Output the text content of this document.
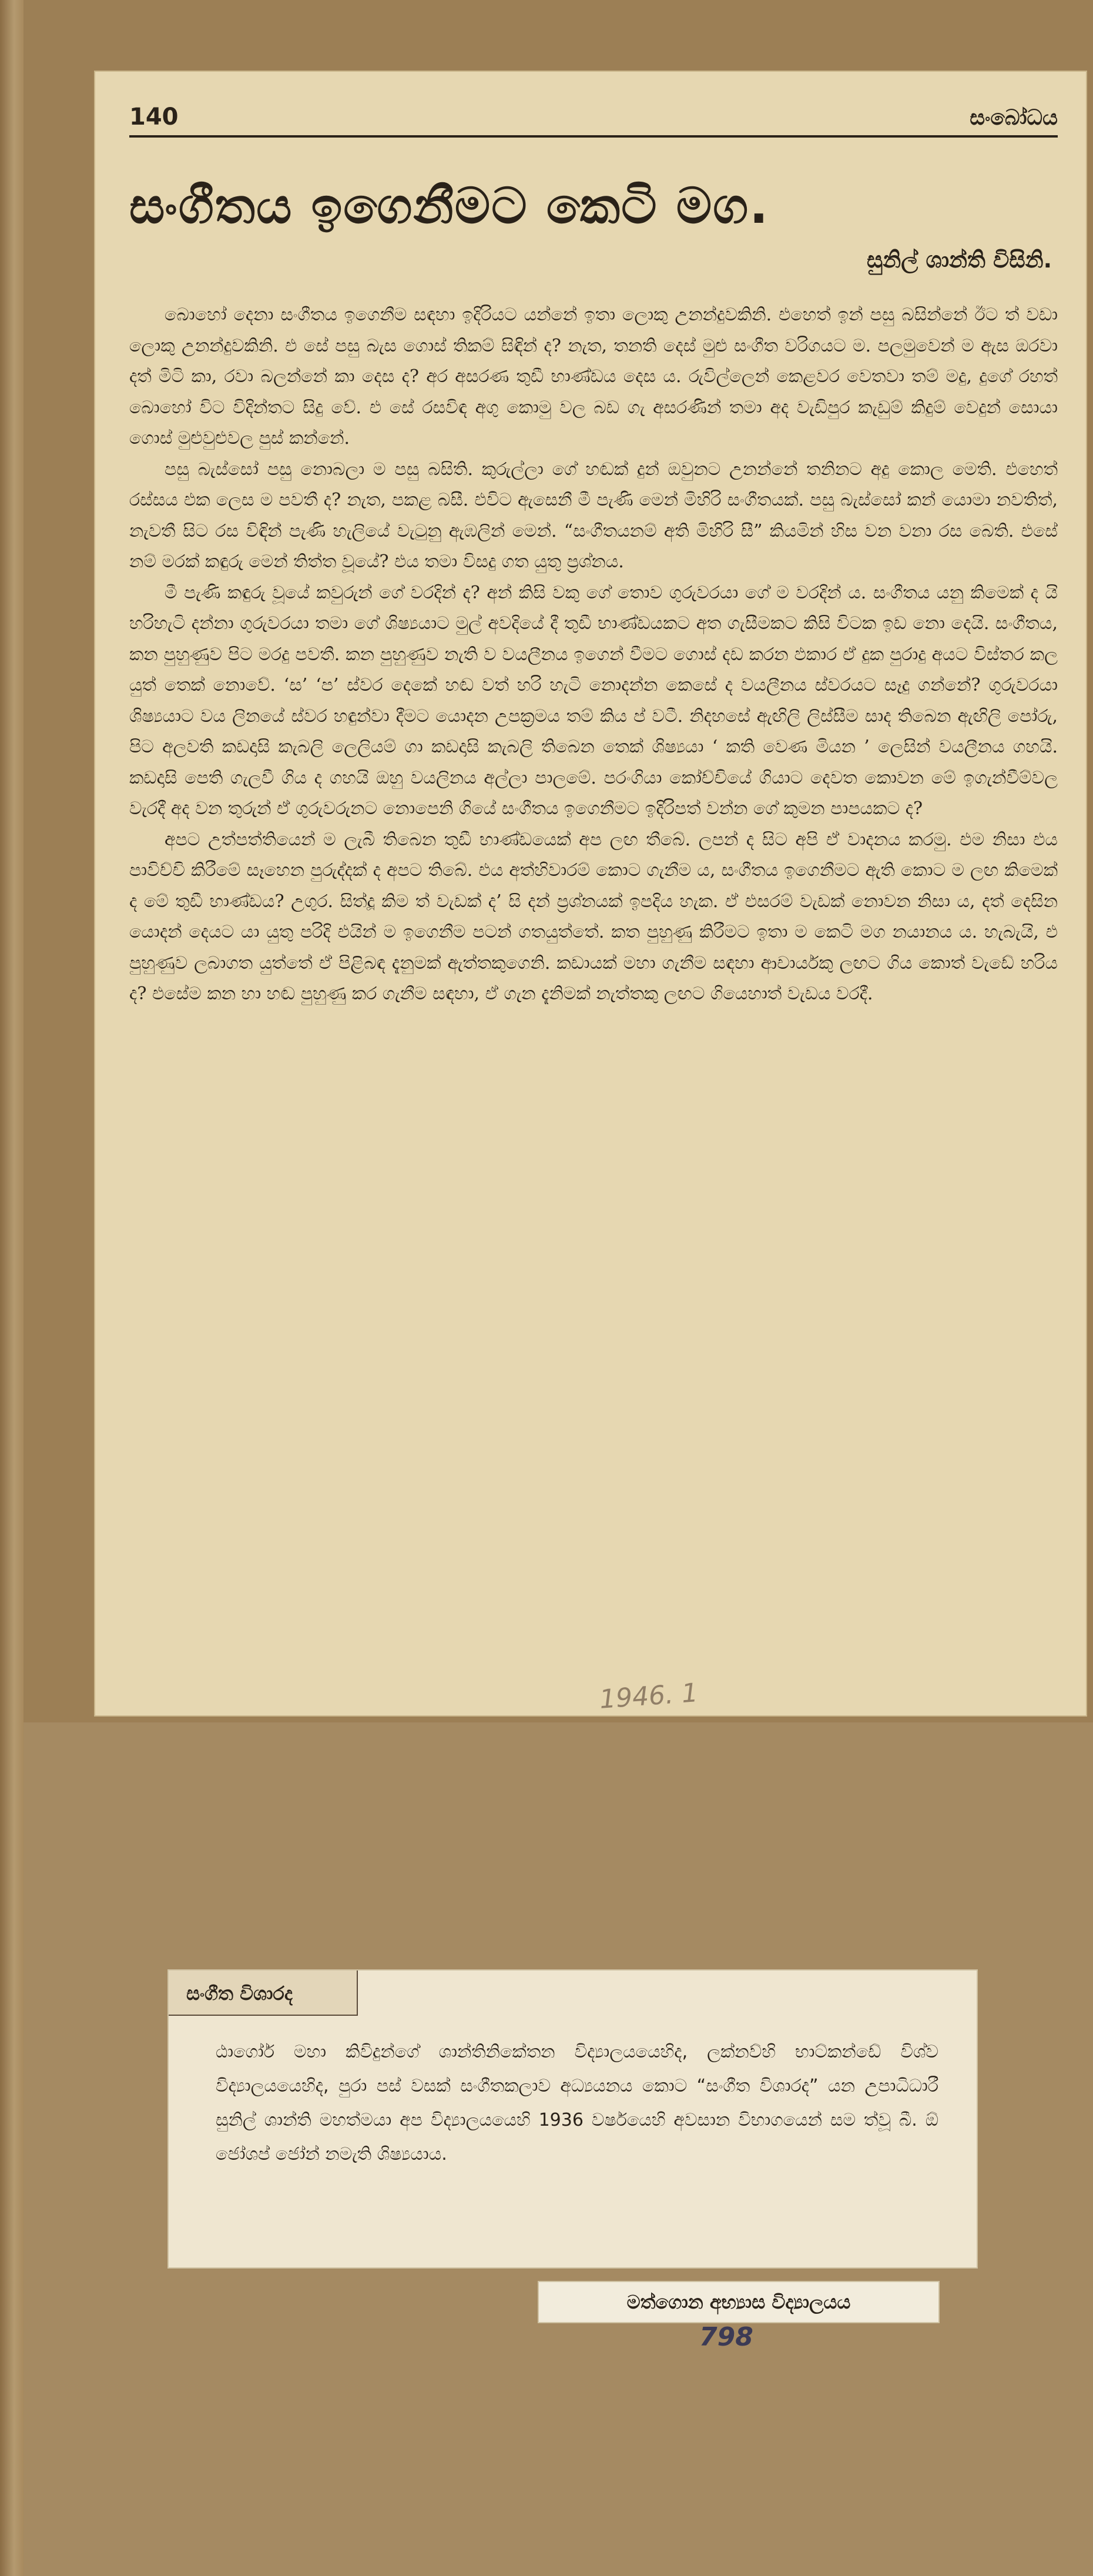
140	සංබෝධය
සංගීතය ඉගෙනීමට කෙටි මග.
සුනිල් ශාන්ති විසිනි.

බොහෝ දෙනා සංගීතය ඉගෙනීම සඳහා ඉදිරියට යන්නේ ඉතා ලොකු උනන්දුවකිනි. එහෙත් ඉන් පසු බසින්නේ ඊට ත් වඩා ලොකු උනන්දුවකිනි. එ සේ පසු බැස ගොස් තිකම් සිඳින් ද? නැත, තනති දෙස් මුළු සංගීත වරිගයට ම. පලමුවෙන් ම ඇස ඔරවා දත් මිටි කා, රවා බලන්නේ කා දෙස ද? අර අසරණ තුඩී භාණ්ඩය දෙස ය. රුවිල්ලෙන් කෙළවර වෙතවා තම් මදු, දුගේ රහත් බොහෝ විට විදින්තට සිදු වේ. එ සේ රසවිඳ අගු කොමු වල බඩ ගැ අසරණින් තමා අද වැඩිපුර කැඩුම් කිදුම් වෙදුන් සොයා ගොස් මුළුවුළුවල පුස් කන්නේ.

පසු බැස්සෝ පසු නොබලා ම පසු බසිති. කුරුල්ලා ගේ හඬක් දුන් ඔවුනට උනන්නේ තනිනට අදු කොල මෙති. එහෙත් රස්සය එක ලෙස ම පවතී ද? නැත, පකළ බසී. එවිට ඇසෙනී මී පැණි මෙන් මිහිරි සංගීතයක්. පසු බැස්සෝ කන් යොමා නවතිත්, නැවතී සිට රස විඳින් පැණි හැලියේ වැටුනු ඇඹලින් මෙන්. “සංගීතයනම් අති මිහිරි සී” කියමින් හිස වන වනා රස බෙති. එසේ නම් මරක් කඳුරු මෙන් තිත්ත වූයේ? එය තමා විසදු ගත යුතු ප්‍රශ්නය.

මී පැණි කඳුරු වූයේ කවුරුන් ගේ වරදින් ද? අන් කිසි වකු ගේ තොව ගුරුවරයා ගේ ම වරදින් ය. සංගීතය යනු කිමෙක් ද යි හරිහැටි දන්නා ගුරුවරයා තමා ගේ ශිෂ්‍යයාට මුල් අවදියේ දී තුඩී භාණ්ඩයකට අත ගැසීමකට කිසි විටක ඉඩ නො දෙයි. සංගීතය, කන පුහුණුව පිට මරදු පවතී. කන පුහුණුව නැති ව වයලීනය ඉගෙන් වීමට ගොස් දඩ කරන ඵකාර ඒ දුක පුරාදු අයට විස්තර කල යුත් තෙක් නොවේ. ‘ස’ ‘ප’ ස්වර දෙකේ හඬ වත් හරි හැටි නොදන්න කෙසේ ද වයලීනය ස්වරයට සෑදු ගන්නේ? ගුරුවරයා ශිෂ්‍යයාට වය ලිනයේ ස්වර හඳුන්වා දීමට යොදන උපක්‍රමය තම් කිය ප් වටී. නිදහසේ ඇඟිලි ලිස්සීම සාද තිබෙන ඇඟිලි පෝරු, පිට අලවති කඩදාසි කැබලි ලෙලියම් ගා කඩදාසි කැබලි තිබෙන තෙක් ශිෂ්‍යයා ‘ කති වෙණ මියන ’ ලෙසින් වයලීනය ගහයි. කඩදාසි පෙති ගැලවී ගිය ද ගහයි ඔහු වයලිනය අල්ලා පාලමේ. පරංගියා කෝච්චියේ ගියාට දෙවත කොවන මේ ඉගැන්වීම්වල වැරදී අද වන තුරුන් ඒ ගුරුවරුනට නොපෙනි ගියේ සංගීතය ඉගෙනීමට ඉදිරිපත් වන්න ගේ කුමන පාපයකට ද?

අපට උත්පත්තියෙන් ම ලැබී තිබෙන තුඩී භාණ්ඩයෙක් අප ලඟ තීබේ. ලපන් ද සිට අපි ඒ වාදනය කරමු. එම නිසා එය පාවිච්චි කිරීමේ සෑහෙන පුරුද්දක් ද අපට තිබේ. එය අත්හිවාරම් කොට ගැනීම ය, සංගීතය ඉගෙනීමට ඇති කොට ම ලඟ කිමෙක් ද මේ තුඩී භාණ්ඩය? උගුර. සිත්දූ කිම ත් වැඩක් ද’ සි දන් ප්‍රශ්නයක් ඉපදිය හැක. ඒ එසරම් වැඩක් නොවන නිසා ය, දත් දෙසින යොදන් දෙයට යා යුතු පරිදි එයින් ම ඉගෙනීම පටන් ගතයුත්තේ. කත පුහුණු කිරීමට ඉතා ම කෙටි මග නයානය ය. හැබැයි, එ පුහුණුව ලබාගත යුත්තේ ඒ පිළිබඳ දැනුමක් ඇත්තකුගෙනි. කඩායක් මහා ගැනීම සඳහා ආචාර්යකු ලඟට ගිය කොත් වැඩේ හරිය ද? එසේම කන හා හඬ පුහුණු කර ගැනීම සඳහා, ඒ ගැන දැනිමක් නැත්තකු ලඟට ගියෙහාත් වැඩය වරදී.

1946. 1
සංගීත විශාරද
ඨාගෝර් මහා කිවිදුන්ගේ ශාන්තිනිකේතන විද්‍යාලයයෙහිද, ලක්නව්හි භාට්කන්ඩේ විශ්ව විද්‍යාලයයෙහිද, පුරා පස් වසක් සංගීතකලාව අධ්‍යයනය කොට “සංගීත විශාරද” යන උපාධිධාරී සුනිල් ශාන්ති මහත්මයා අප විද්‍යාලයයෙහි 1936 වර්ෂයෙහි අවසාන විභාගයෙන් සම ත්වූ බී. ඕ ජෝශප් ජෝන් නමැති ශිෂ්‍යයාය.
මත්ගොන අභ්‍යාස විද්‍යාලයය
798
